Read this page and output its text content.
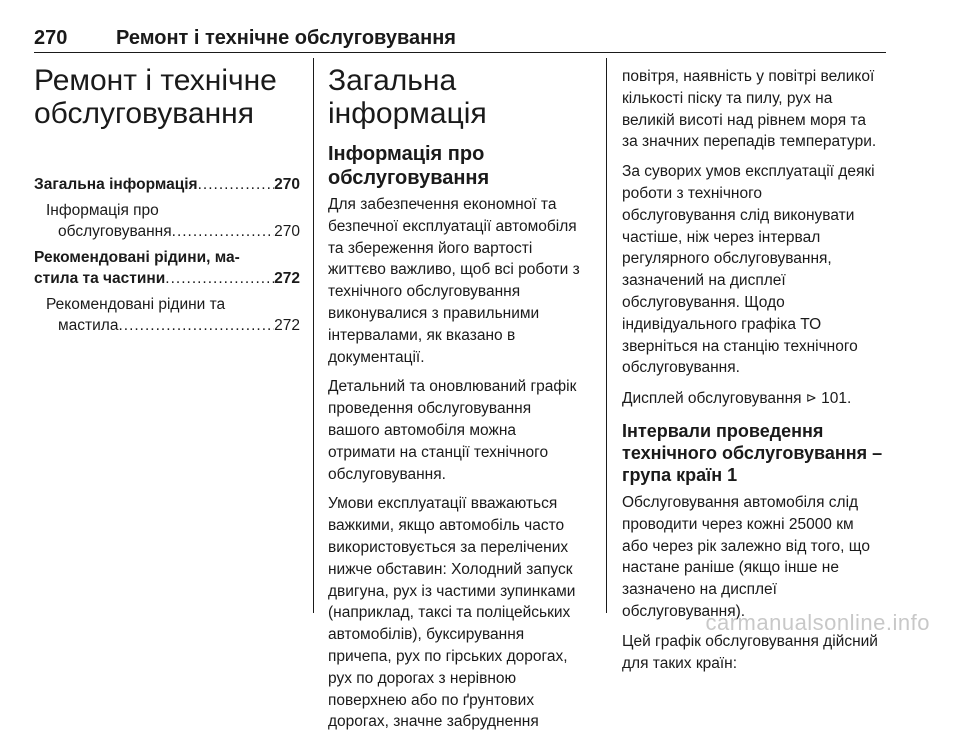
270	Ремонт і технічне обслуговування
Ремонт і технічне
обслуговування
Загальна інформація .....	270
Інформація про
обслуговування .....	270
Рекомендовані рідини, ма-
стила та частини .....	272
Рекомендовані рідини та
мастила .....	272
Загальна інформація
Інформація про
обслуговування

Для забезпечення економної та
безпечної експлуатації автомобіля
та збереження його вартості
життєво важливо, щоб всі роботи з
технічного обслуговування
виконувалися з правильними
інтервалами, як вказано в
документації.

Детальний та оновлюваний графік
проведення обслуговування
вашого автомобіля можна
отримати на станції технічного
обслуговування.

Умови експлуатації вважаються
важкими, якщо автомобіль часто
використовується за перелічених
нижче обставин: Холодний запуск
двигуна, рух із частими зупинками
(наприклад, таксі та поліцейських
автомобілів), буксирування
причепа, рух по гірських дорогах,
рух по дорогах з нерівною
поверхнею або по ґрунтових
дорогах, значне забруднення

повітря, наявність у повітрі великої
кількості піску та пилу, рух на
великій висоті над рівнем моря та
за значних перепадів температури.

За суворих умов експлуатації деякі
роботи з технічного
обслуговування слід виконувати
частіше, ніж через інтервал
регулярного обслуговування,
зазначений на дисплеї
обслуговування. Щодо
індивідуального графіка ТО
зверніться на станцію технічного
обслуговування.

Дисплей обслуговування ⊳ 101.

Інтервали проведення
технічного обслуговування –
група країн 1

Обслуговування автомобіля слід
проводити через кожні 25000 км
або через рік залежно від того, що
настане раніше (якщо інше не
зазначено на дисплеї
обслуговування).

Цей графік обслуговування дійсний
для таких країн:

carmanualsonline.info
